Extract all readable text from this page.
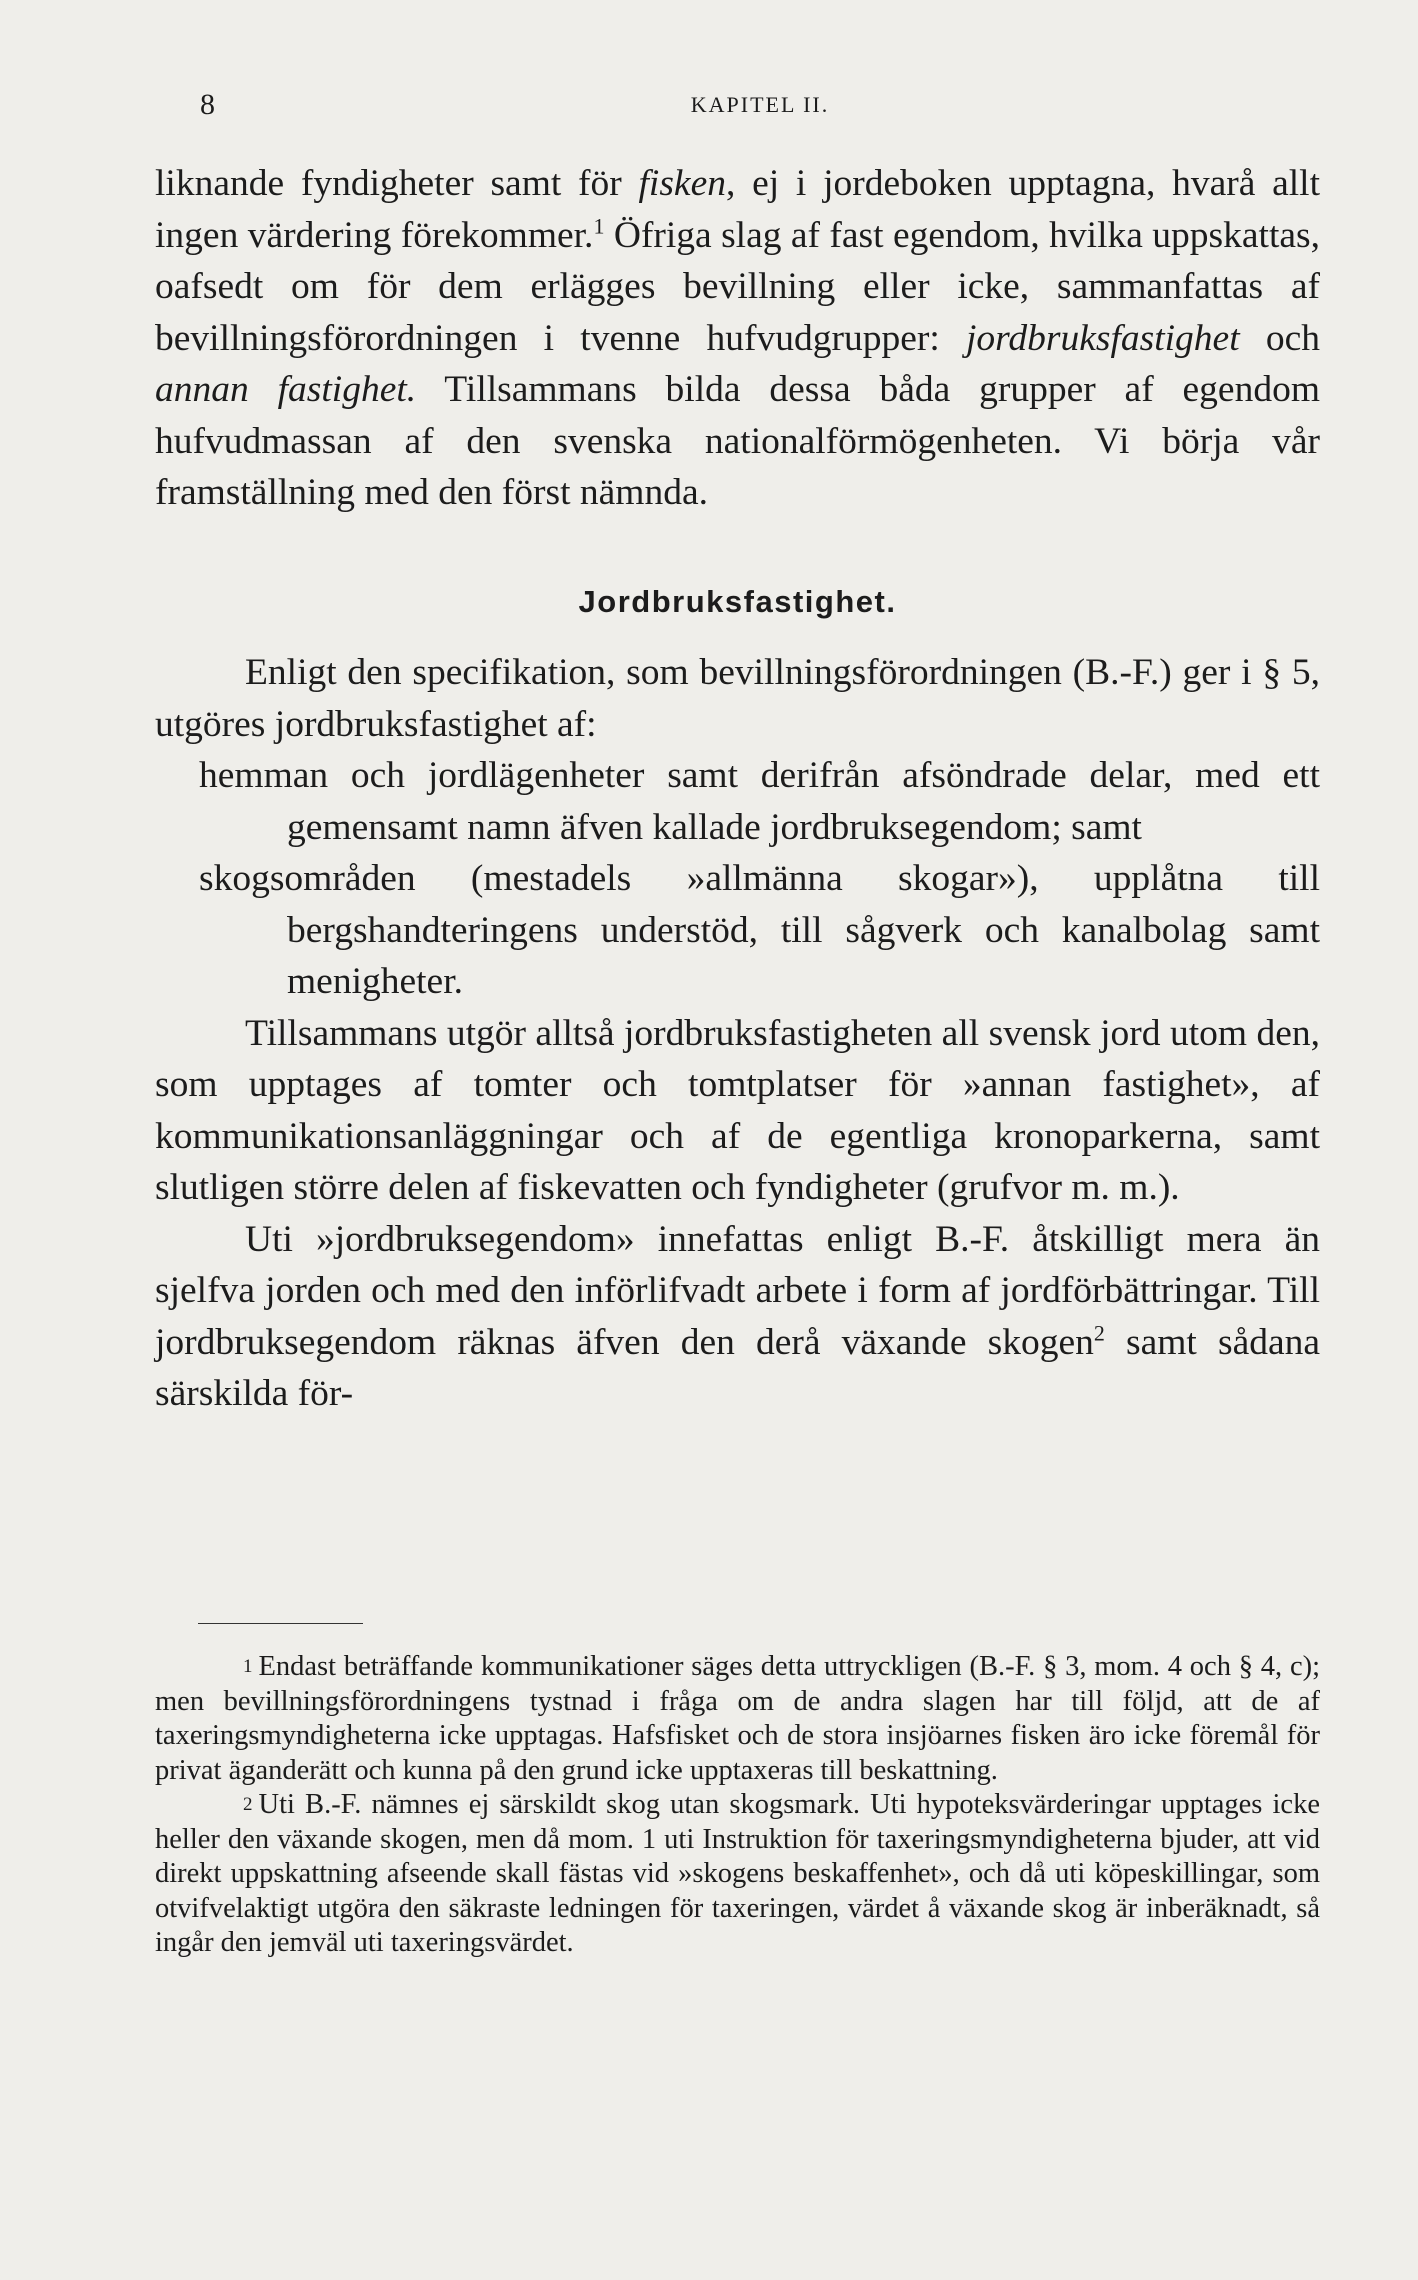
8	KAPITEL II.

liknande fyndigheter samt för fisken, ej i jordeboken upptagna, hvarå allt ingen värdering förekommer.$^1$ Öfriga slag af fast egendom, hvilka uppskattas, oafsedt om för dem erlägges bevillning eller icke, sammanfattas af bevillningsförordningen i tvenne hufvudgrupper: jordbruksfastighet och annan fastighet. Tillsammans bilda dessa båda grupper af egendom hufvudmassan af den svenska nationalförmögenheten. Vi börja vår framställning med den först nämnda.

Jordbruksfastighet.

Enligt den specifikation, som bevillningsförordningen (B.-F.) ger i § 5, utgöres jordbruksfastighet af:

hemman och jordlägenheter samt derifrån afsöndrade delar, med ett gemensamt namn äfven kallade jordbruksegendom; samt

skogsområden (mestadels »allmänna skogar»), upplåtna till bergshandteringens understöd, till sågverk och kanalbolag samt menigheter.

Tillsammans utgör alltså jordbruksfastigheten all svensk jord utom den, som upptages af tomter och tomtplatser för »annan fastighet», af kommunikationsanläggningar och af de egentliga kronoparkerna, samt slutligen större delen af fiskevatten och fyndigheter (grufvor m. m.).

Uti »jordbruksegendom» innefattas enligt B.-F. åtskilligt mera än sjelfva jorden och med den införlifvadt arbete i form af jordförbättringar. Till jordbruksegendom räknas äfven den derå växande skogen$^2$ samt sådana särskilda för-

$^1$ Endast beträffande kommunikationer säges detta uttryckligen (B.-F. § 3, mom. 4 och § 4, c); men bevillningsförordningens tystnad i fråga om de andra slagen har till följd, att de af taxeringsmyndigheterna icke upptagas. Hafsfisket och de stora insjöarnes fisken äro icke föremål för privat äganderätt och kunna på den grund icke upptaxeras till beskattning.

$^2$ Uti B.-F. nämnes ej särskildt skog utan skogsmark. Uti hypoteksvärderingar upptages icke heller den växande skogen, men då mom. 1 uti Instruktion för taxeringsmyndigheterna bjuder, att vid direkt uppskattning afseende skall fästas vid »skogens beskaffenhet», och då uti köpeskillingar, som otvifvelaktigt utgöra den säkraste ledningen för taxeringen, värdet å växande skog är inberäknadt, så ingår den jemväl uti taxeringsvärdet.
